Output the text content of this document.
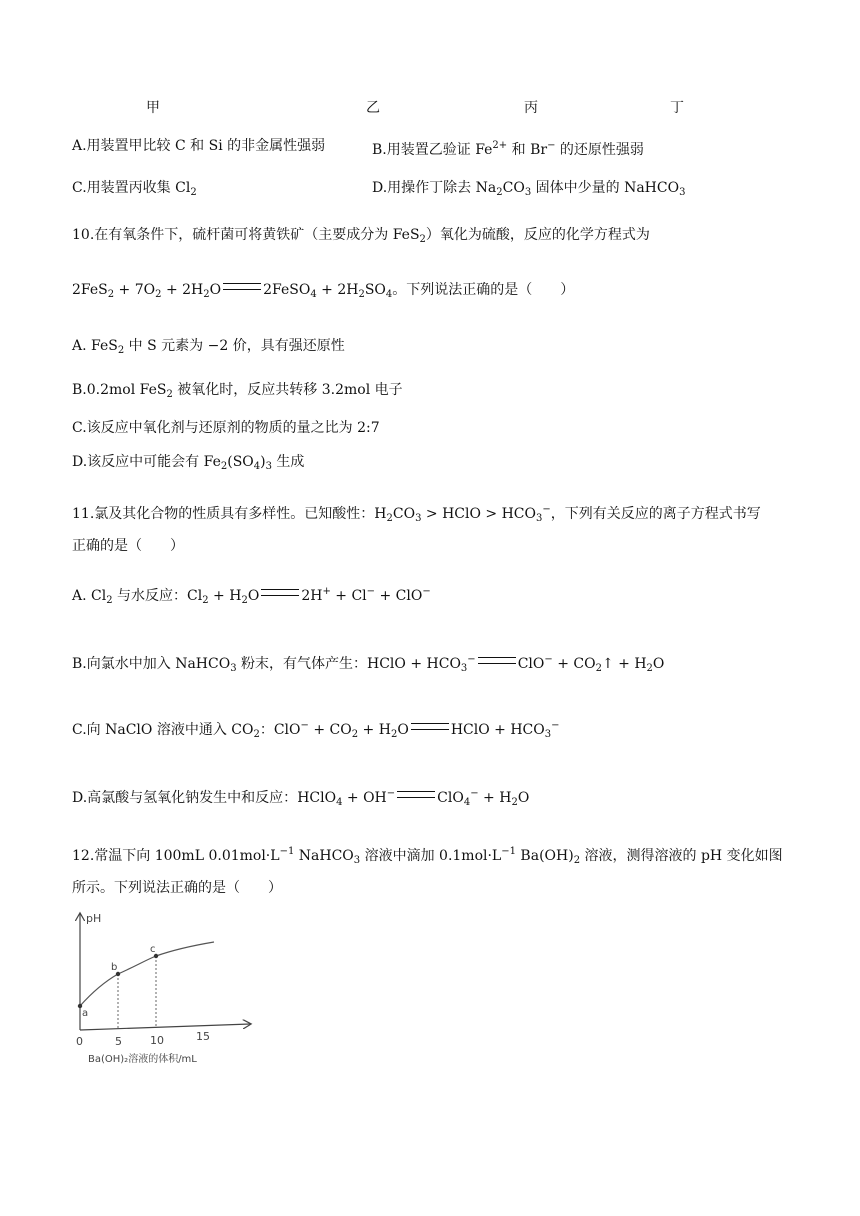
甲	乙	丙	丁
A.用装置甲比较 C 和 Si 的非金属性强弱	B.用装置乙验证 $Fe^{2+}$ 和 Br− 的还原性强弱
C.用装置丙收集 $Cl_2$	D.用操作丁除去 $Na_2CO_3$ 固体中少量的 NaHCO$_3$
10.在有氧条件下，硫杆菌可将黄铁矿（主要成分为 FeS$_2$）氧化为硫酸，反应的化学方程式为
$2FeS_2 + 7O_2 + 2H_2O$	2FeSO$_4$ + $2H_2SO_4$。下列说法正确的是（　　）
A. FeS$_2$ 中 S 元素为 −2 价，具有强还原性
B.0.2mol FeS$_2$ 被氧化时，反应共转移 3.2mol 电子
C.该反应中氧化剂与还原剂的物质的量之比为 2:7
D.该反应中可能会有 $Fe_2(SO_4)_3$ 生成
11.氯及其化合物的性质具有多样性。已知酸性：$H_2CO_3$ > HClO > $HCO_3^-$，下列有关反应的离子方程式书写
正确的是（　　）
A. $Cl_2$ 与水反应：$Cl_2 + H_2O$	2H+ + Cl− + ClO−
B.向氯水中加入 NaHCO$_3$ 粉末，有气体产生：HClO + $HCO_3^-$	$ClO^- + CO_2↑ + H_2O$
C.向 NaClO 溶液中通入 $CO_2$：$ClO^- + CO_2 + H_2O$	HClO + $HCO_3^-$
D.高氯酸与氢氧化钠发生中和反应：HClO$_4$ + OH−	$ClO_4^- + H_2O$
12.常温下向 100mL $0.01mol\cdot L^{-1}$ NaHCO$_3$ 溶液中滴加 $0.1mol\cdot L^{-1}$ $Ba(OH)_2$ 溶液，测得溶液的 pH 变化如图
所示。下列说法正确的是（　　）
pH
a
b
c
0	5	10	15
Ba(OH)₂溶液的体积/mL
